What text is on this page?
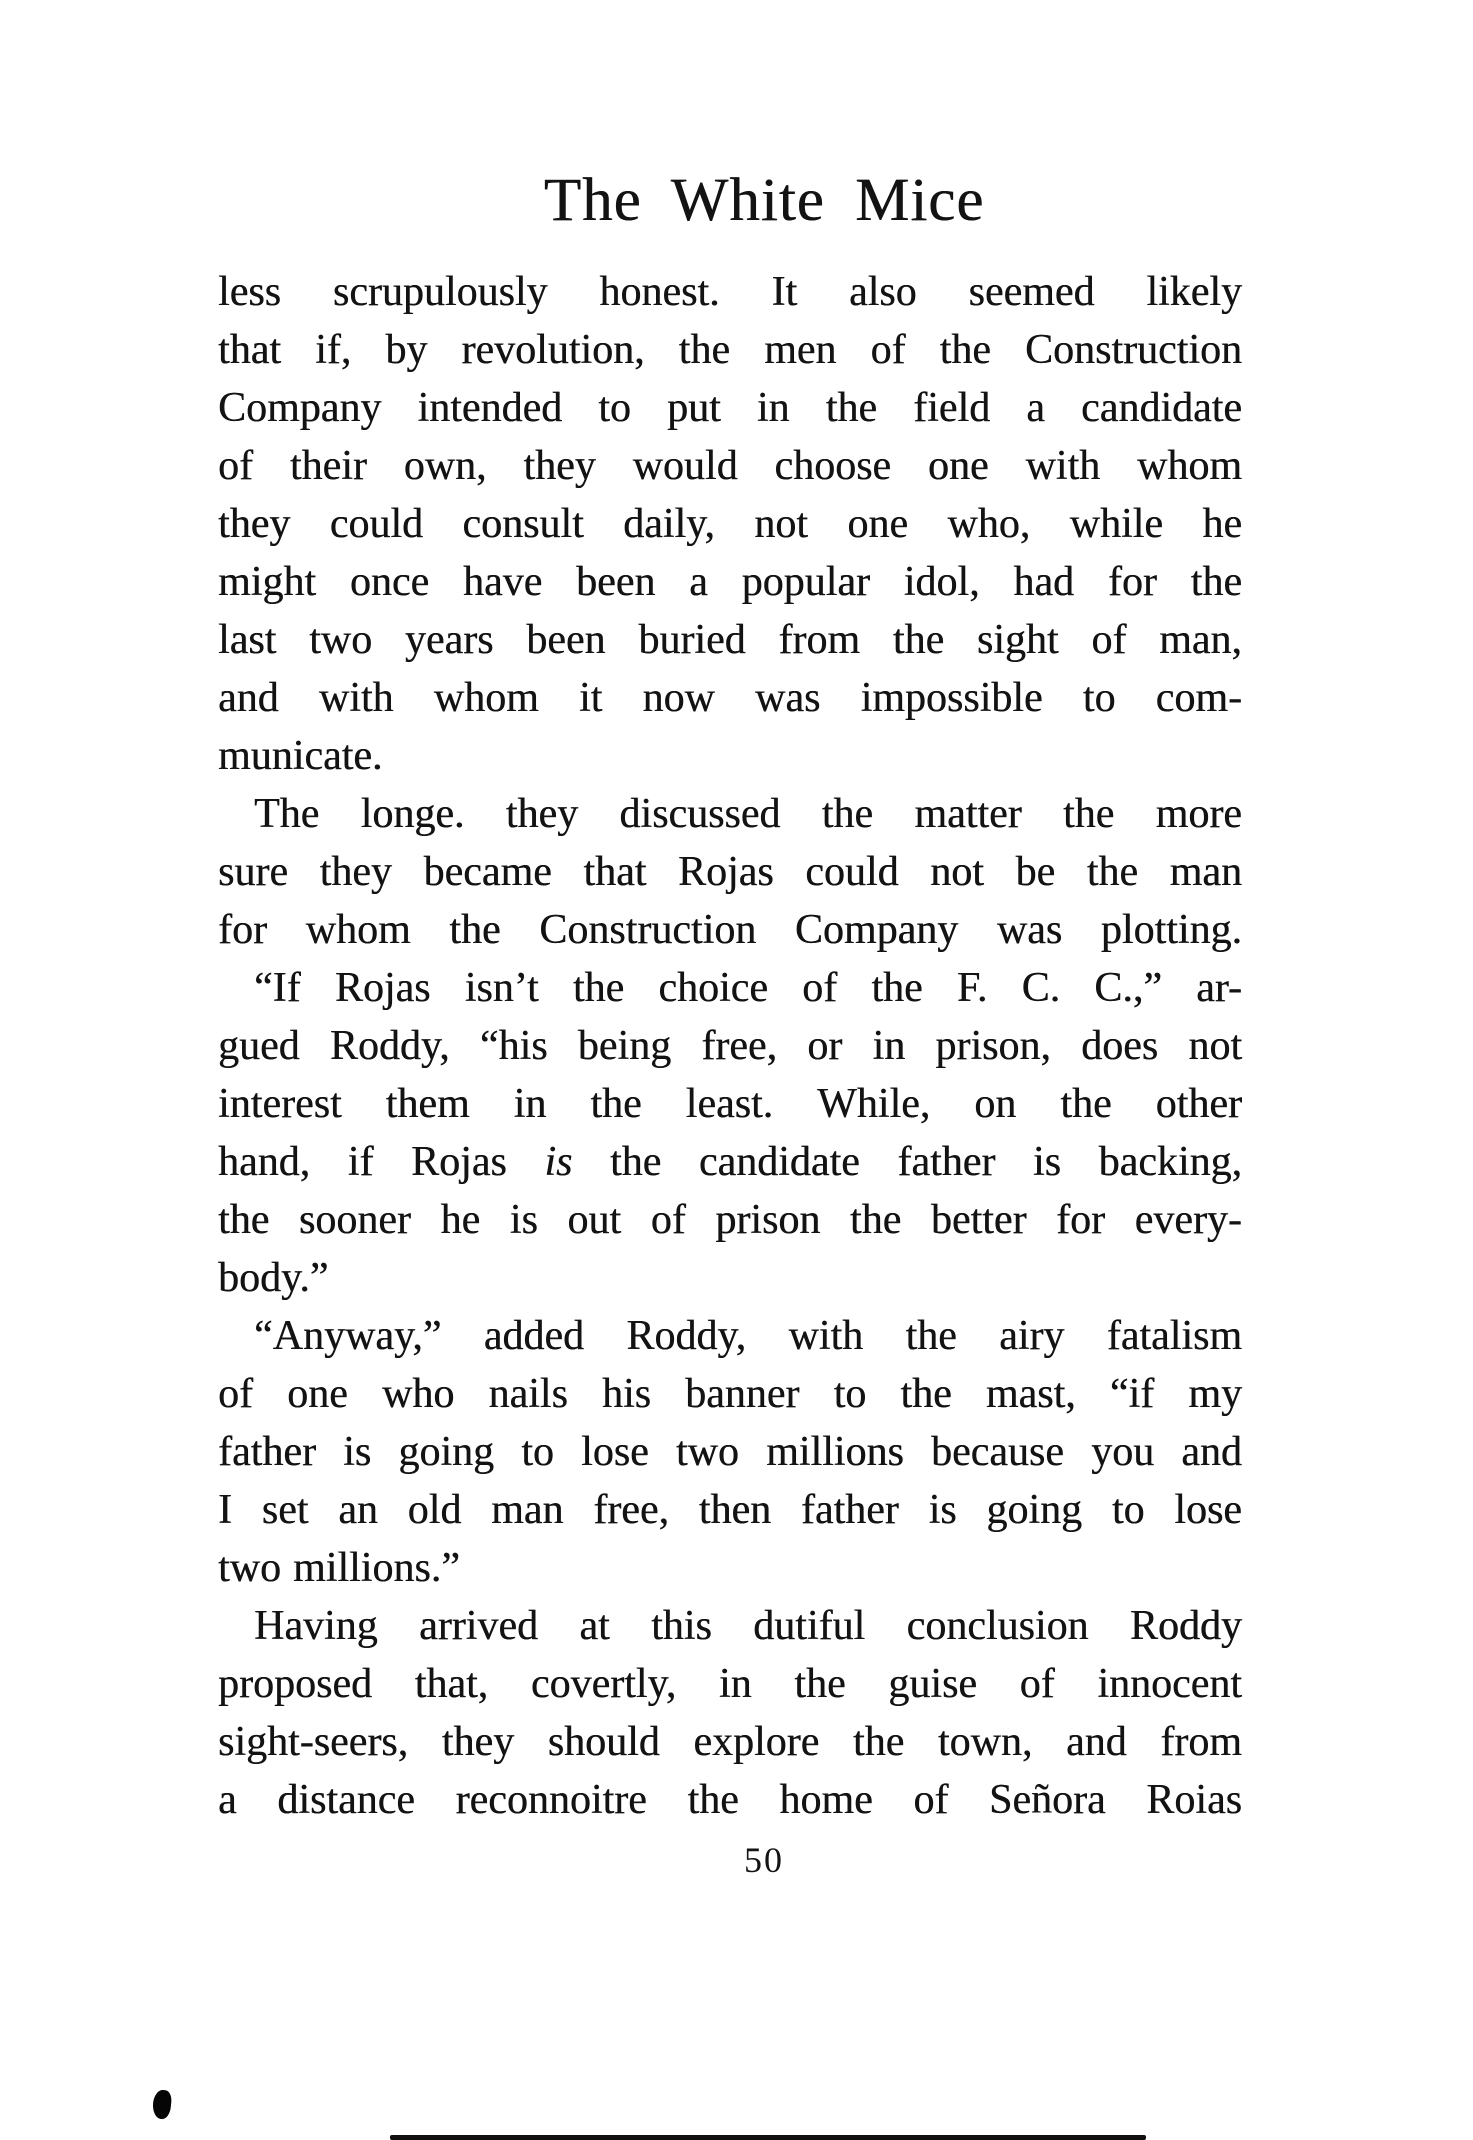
The White Mice
less scrupulously honest. It also seemed likely
that if, by revolution, the men of the Construction
Company intended to put in the field a candidate
of their own, they would choose one with whom
they could consult daily, not one who, while he
might once have been a popular idol, had for the
last two years been buried from the sight of man,
and with whom it now was impossible to com-
municate.
The longe. they discussed the matter the more
sure they became that Rojas could not be the man
for whom the Construction Company was plotting.
“If Rojas isn’t the choice of the F. C. C.,” ar-
gued Roddy, “his being free, or in prison, does not
interest them in the least. While, on the other
hand, if Rojas is the candidate father is backing,
the sooner he is out of prison the better for every-
body.”
“Anyway,” added Roddy, with the airy fatalism
of one who nails his banner to the mast, “if my
father is going to lose two millions because you and
I set an old man free, then father is going to lose
two millions.”
Having arrived at this dutiful conclusion Roddy
proposed that, covertly, in the guise of innocent
sight-seers, they should explore the town, and from
a distance reconnoitre the home of Señora Roias
50
